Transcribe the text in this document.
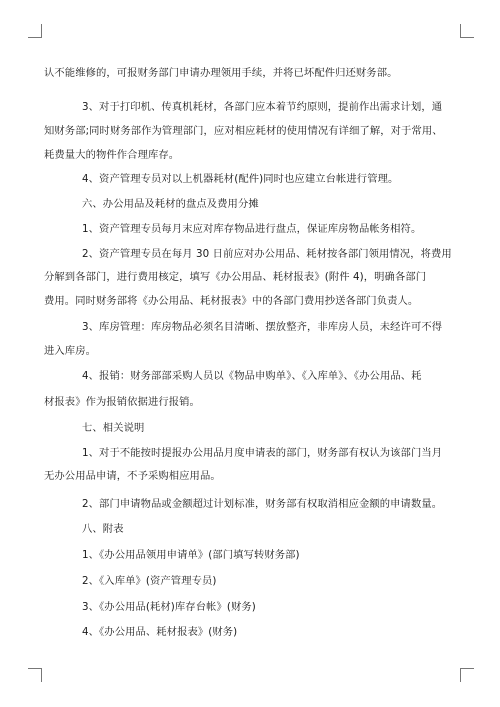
认不能维修的，可报财务部门申请办理领用手续，并将已坏配件归还财务部。
3、对于打印机、传真机耗材，各部门应本着节约原则，提前作出需求计划，通
知财务部;同时财务部作为管理部门，应对相应耗材的使用情况有详细了解，对于常用、
耗费量大的物件作合理库存。
4、资产管理专员对以上机器耗材(配件)同时也应建立台帐进行管理。
六、办公用品及耗材的盘点及费用分摊
1、资产管理专员每月末应对库存物品进行盘点，保证库房物品帐务相符。
2、资产管理专员在每月 30 日前应对办公用品、耗材按各部门领用情况，将费用
分解到各部门，进行费用核定，填写《办公用品、耗材报表》(附件 4)，明确各部门
费用。同时财务部将《办公用品、耗材报表》中的各部门费用抄送各部门负责人。
3、库房管理：库房物品必须名目清晰、摆放整齐，非库房人员，未经许可不得
进入库房。
4、报销：财务部部采购人员以《物品申购单》、《入库单》、《办公用品、耗
材报表》作为报销依据进行报销。
七、相关说明
1、对于不能按时提报办公用品月度申请表的部门，财务部有权认为该部门当月
无办公用品申请，不予采购相应用品。
2、部门申请物品或金额超过计划标准，财务部有权取消相应金额的申请数量。
八、附表
1、《办公用品领用申请单》(部门填写转财务部)
2、《入库单》(资产管理专员)
3、《办公用品(耗材)库存台帐》(财务)
4、《办公用品、耗材报表》(财务)
